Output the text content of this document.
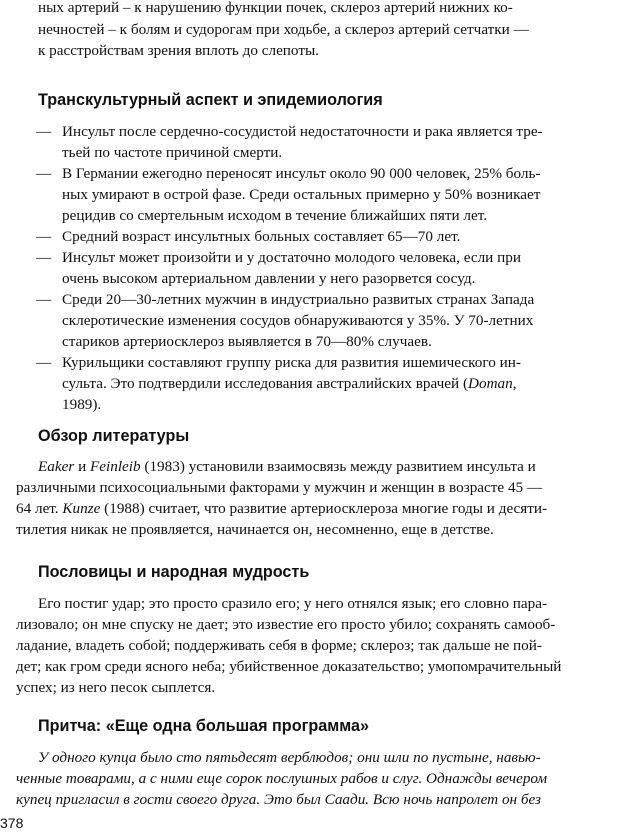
ных артерий – к нарушению функции почек, склероз артерий нижних ко-
нечностей – к болям и судорогам при ходьбе, а склероз артерий сетчатки —
к расстройствам зрения вплоть до слепоты.
Транскультурный аспект и эпидемиология
— Инсульт после сердечно-сосудистой недостаточности и рака является тре-
тьей по частоте причиной смерти.
— В Германии ежегодно переносят инсульт около 90 000 человек, 25% боль-
ных умирают в острой фазе. Среди остальных примерно у 50% возникает
рецидив со смертельным исходом в течение ближайших пяти лет.
— Средний возраст инсультных больных составляет 65—70 лет.
— Инсульт может произойти и у достаточно молодого человека, если при
очень высоком артериальном давлении у него разорвется сосуд.
— Среди 20—30-летних мужчин в индустриально развитых странах Запада
склеротические изменения сосудов обнаруживаются у 35%. У 70-летних
стариков артериосклероз выявляется в 70—80% случаев.
— Курильщики составляют группу риска для развития ишемического ин-
сульта. Это подтвердили исследования австралийских врачей (Doman,
1989).
Обзор литературы
Eaker и Feinleib (1983) установили взаимосвязь между развитием инсульта и
различными психосоциальными факторами у мужчин и женщин в возрасте 45 —
64 лет. Kunze (1988) считает, что развитие артериосклероза многие годы и десяти-
тилетия никак не проявляется, начинается он, несомненно, еще в детстве.
Пословицы и народная мудрость
Его постиг удар; это просто сразило его; у него отнялся язык; его словно пара-
лизовало; он мне спуску не дает; это известие его просто убило; сохранять самооб-
ладание, владеть собой; поддерживать себя в форме; склероз; так дальше не пой-
дет; как гром среди ясного неба; убийственное доказательство; умопомрачительный
успех; из него песок сыплется.
Притча: «Еще одна большая программа»
У одного купца было сто пятьдесят верблюдов; они шли по пустыне, навью-
ченные товарами, а с ними еще сорок послушных рабов и слуг. Однажды вечером
купец пригласил в гости своего друга. Это был Саади. Всю ночь напролет он без
378
